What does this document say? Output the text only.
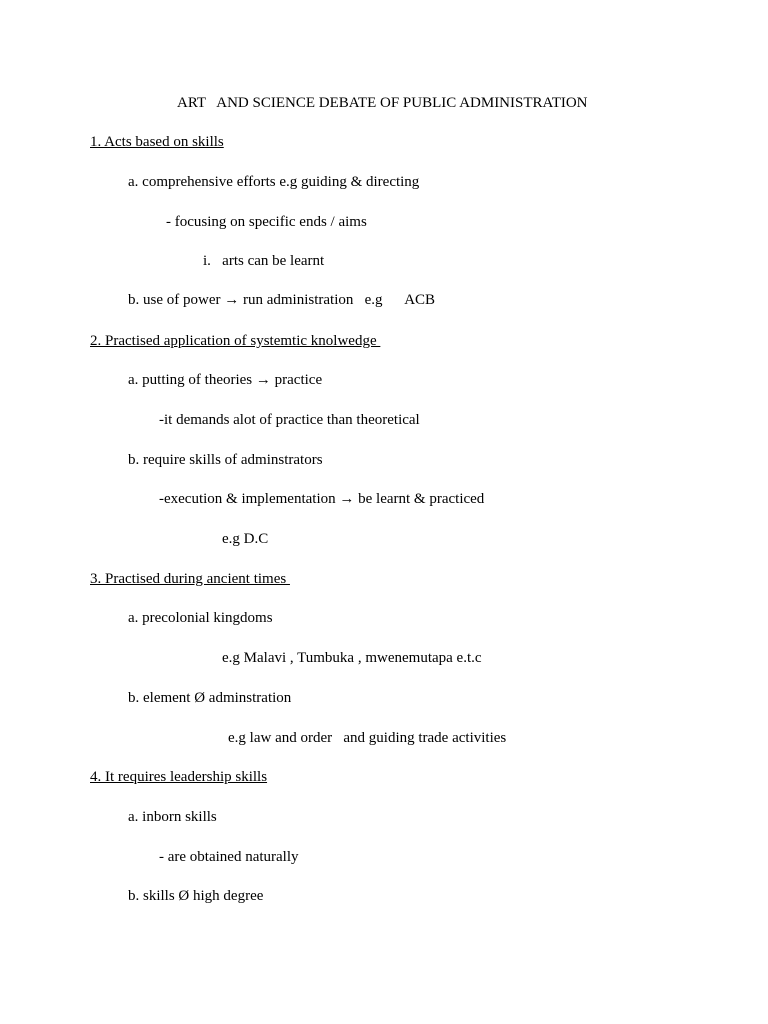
ART   AND SCIENCE DEBATE OF PUBLIC ADMINISTRATION
1. Acts based on skills
a. comprehensive efforts e.g guiding & directing
- focusing on specific ends / aims
i.   arts can be learnt
b. use of power → run administration   e.g      ACB
2. Practised application of systemtic knolwedge
a. putting of theories → practice
-it demands alot of practice than theoretical
b. require skills of adminstrators
-execution & implementation → be learnt & practiced
e.g D.C
3. Practised during ancient times
a. precolonial kingdoms
e.g Malavi , Tumbuka , mwenemutapa e.t.c
b. element Ø adminstration
e.g law and order   and guiding trade activities
4. It requires leadership skills
a. inborn skills
- are obtained naturally
b. skills Ø high degree
